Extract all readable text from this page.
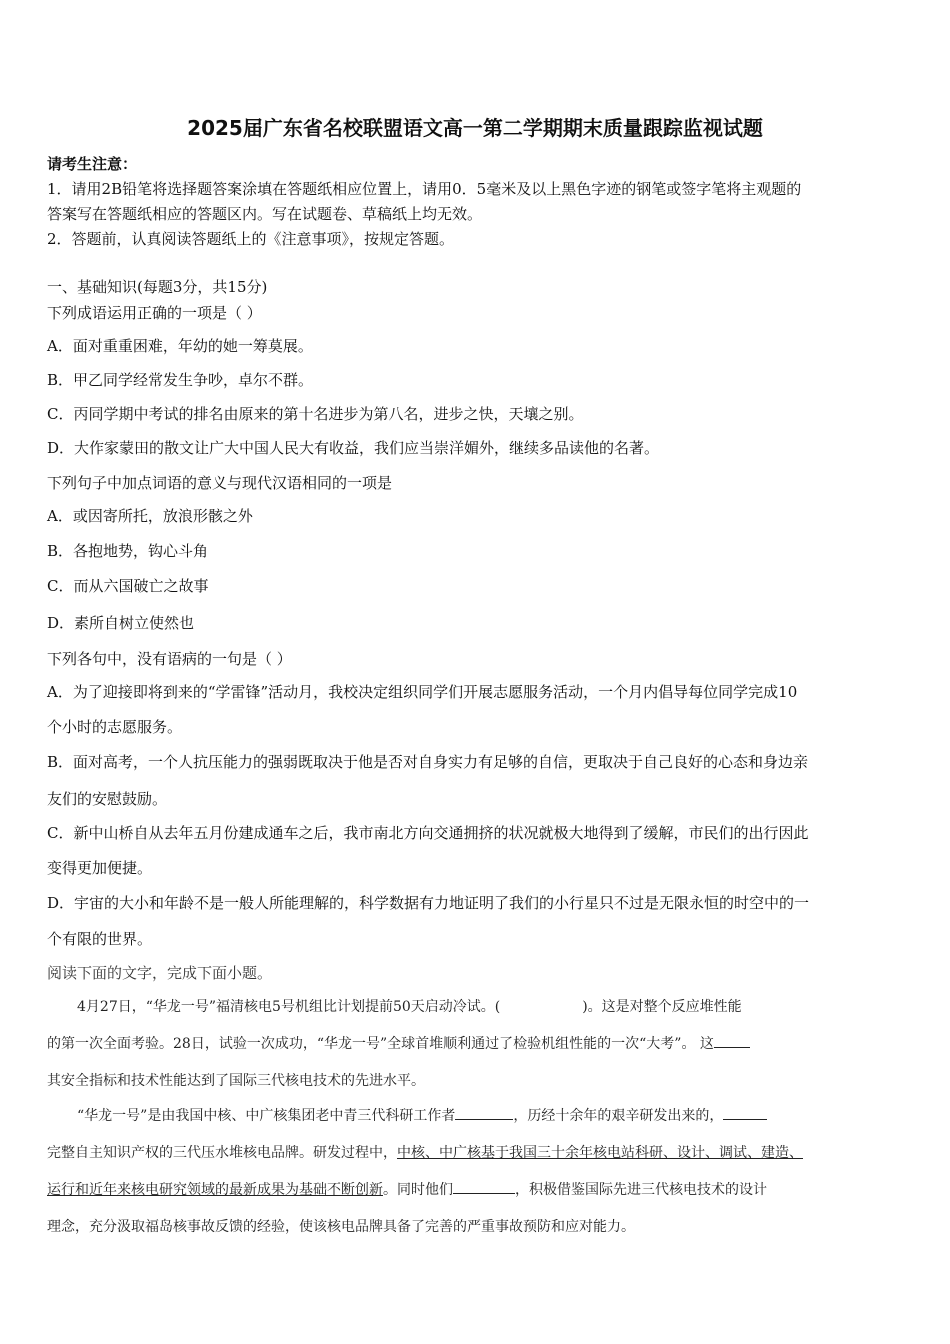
2025届广东省名校联盟语文高一第二学期期末质量跟踪监视试题
请考生注意：
1．请用2B铅笔将选择题答案涂填在答题纸相应位置上，请用0．5毫米及以上黑色字迹的钢笔或签字笔将主观题的
答案写在答题纸相应的答题区内。写在试题卷、草稿纸上均无效。
2．答题前，认真阅读答题纸上的《注意事项》，按规定答题。
一、基础知识(每题3分，共15分)
下列成语运用正确的一项是（ ）
A．面对重重困难，年幼的她一筹莫展。
B．甲乙同学经常发生争吵，卓尔不群。
C．丙同学期中考试的排名由原来的第十名进步为第八名，进步之快，天壤之别。
D．大作家蒙田的散文让广大中国人民大有收益，我们应当崇洋媚外，继续多品读他的名著。
下列句子中加点词语的意义与现代汉语相同的一项是
A．或因寄所托，放浪形骸之外
B．各抱地势，钩心斗角
C．而从六国破亡之故事
D．素所自树立使然也
下列各句中，没有语病的一句是（ ）
A．为了迎接即将到来的“学雷锋”活动月，我校决定组织同学们开展志愿服务活动，一个月内倡导每位同学完成10
个小时的志愿服务。
B．面对高考，一个人抗压能力的强弱既取决于他是否对自身实力有足够的自信，更取决于自己良好的心态和身边亲
友们的安慰鼓励。
C．新中山桥自从去年五月份建成通车之后，我市南北方向交通拥挤的状况就极大地得到了缓解，市民们的出行因此
变得更加便捷。
D．宇宙的大小和年龄不是一般人所能理解的，科学数据有力地证明了我们的小行星只不过是无限永恒的时空中的一
个有限的世界。
阅读下面的文字，完成下面小题。
4月27日，“华龙一号”福清核电5号机组比计划提前50天启动冷试。(	)。这是对整个反应堆性能
的第一次全面考验。28日，试验一次成功，“华龙一号”全球首堆顺利通过了检验机组性能的一次“大考”。 这
其安全指标和技术性能达到了国际三代核电技术的先进水平。
“华龙一号”是由我国中核、中广核集团老中青三代科研工作者	，历经十余年的艰辛研发出来的，
完整自主知识产权的三代压水堆核电品牌。研发过程中，中核、中广核基于我国三十余年核电站科研、设计、调试、建造、
运行和近年来核电研究领域的最新成果为基础不断创新。同时他们	，积极借鉴国际先进三代核电技术的设计
理念，充分汲取福岛核事故反馈的经验，使该核电品牌具备了完善的严重事故预防和应对能力。
